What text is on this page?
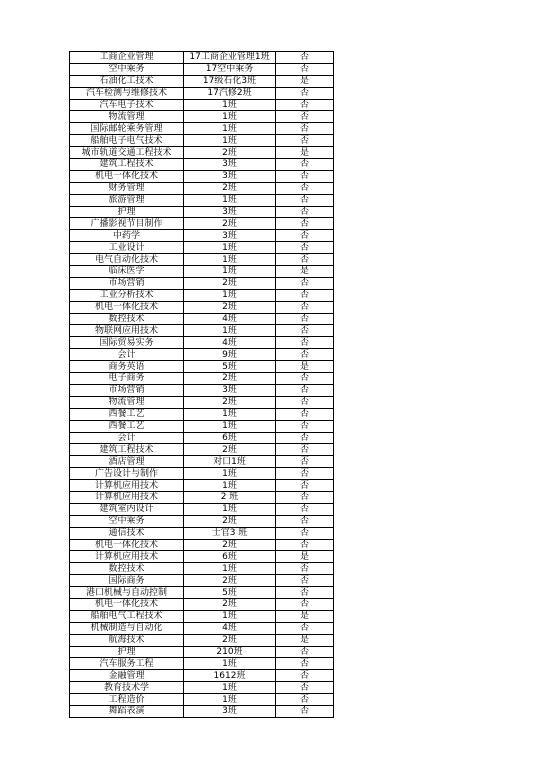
工商企业管理	17工商企业管理1班	否
空中乘务	17空中乘务	否
石油化工技术	17级石化3班	是
汽车检测与维修技术	17汽修2班	否
汽车电子技术	1班	否
物流管理	1班	否
国际邮轮乘务管理	1班	否
船舶电子电气技术	1班	否
城市轨道交通工程技术	2班	是
建筑工程技术	3班	否
机电一体化技术	3班	否
财务管理	2班	否
旅游管理	1班	否
护理	3班	否
广播影视节目制作	2班	否
中药学	3班	否
工业设计	1班	否
电气自动化技术	1班	否
临床医学	1班	是
市场营销	2班	否
工业分析技术	1班	否
机电一体化技术	2班	否
数控技术	4班	否
物联网应用技术	1班	否
国际贸易实务	4班	否
会计	9班	否
商务英语	5班	是
电子商务	2班	否
市场营销	3班	否
物流管理	2班	否
西餐工艺	1班	否
西餐工艺	1班	否
会计	6班	否
建筑工程技术	2班	否
酒店管理	对口1班	否
广告设计与制作	1班	否
计算机应用技术	1班	否
计算机应用技术	2 班	否
建筑室内设计	1班	否
空中乘务	2班	否
通信技术	士官3 班	否
机电一体化技术	2班	否
计算机应用技术	6班	是
数控技术	1班	否
国际商务	2班	否
港口机械与自动控制	5班	否
机电一体化技术	2班	否
船舶电气工程技术	1班	是
机械制造与自动化	4班	否
航海技术	2班	是
护理	210班	否
汽车服务工程	1班	否
金融管理	1612班	否
教育技术学	1班	否
工程造价	1班	否
舞蹈表演	3班	否
